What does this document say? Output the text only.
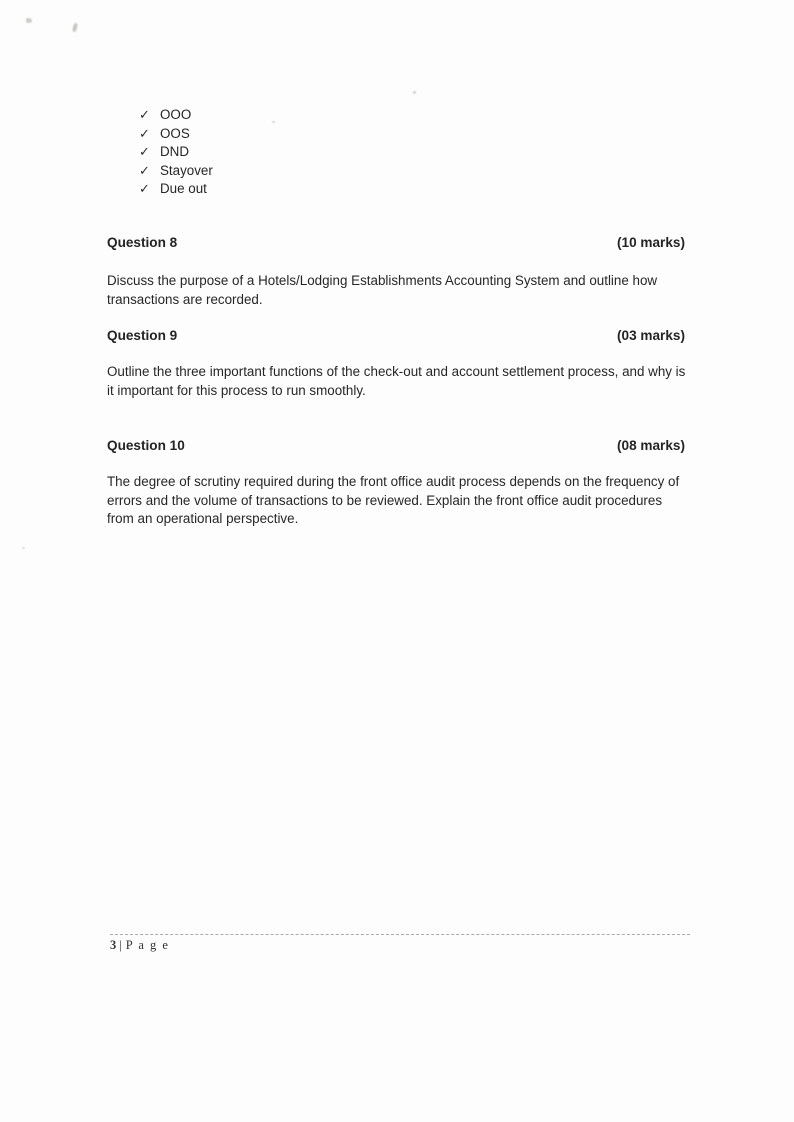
✓ OOO
✓ OOS
✓ DND
✓ Stayover
✓ Due out
Question 8	(10 marks)
Discuss the purpose of a Hotels/Lodging Establishments Accounting System and outline how transactions are recorded.
Question 9	(03 marks)
Outline the three important functions of the check-out and account settlement process, and why is it important for this process to run smoothly.
Question 10	(08 marks)
The degree of scrutiny required during the front office audit process depends on the frequency of errors and the volume of transactions to be reviewed. Explain the front office audit procedures from an operational perspective.
3 | P a g e
